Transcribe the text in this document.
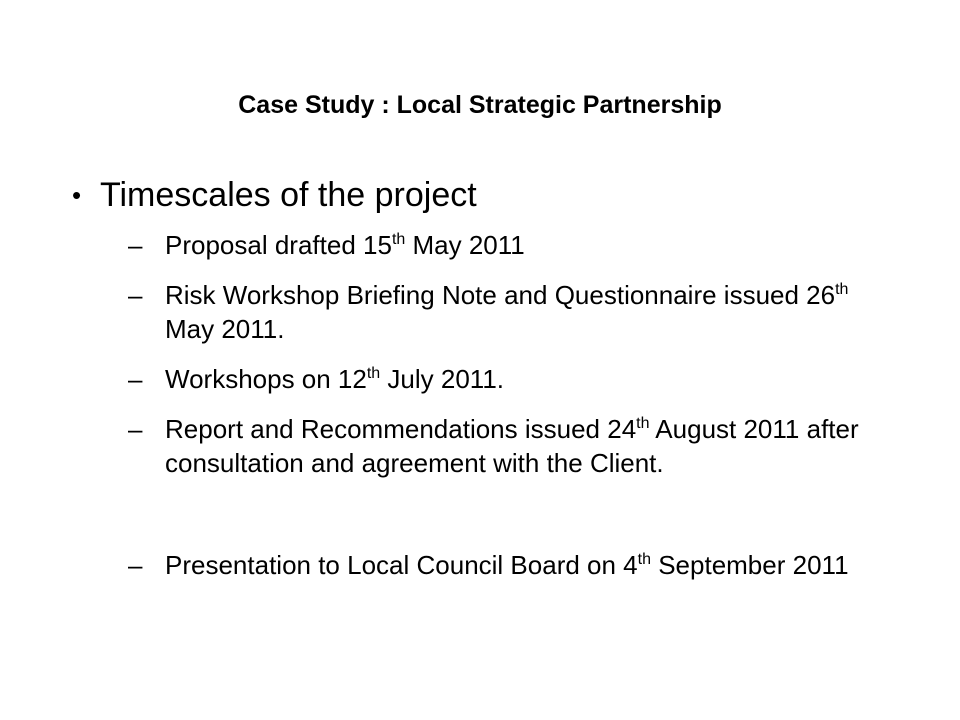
Case Study : Local Strategic Partnership
• Timescales of the project
– Proposal drafted 15th May 2011
– Risk Workshop Briefing Note and Questionnaire issued 26th May 2011.
– Workshops on 12th July 2011.
– Report and Recommendations issued 24th August 2011 after consultation and agreement with the Client.
– Presentation to Local Council Board on 4th September 2011
